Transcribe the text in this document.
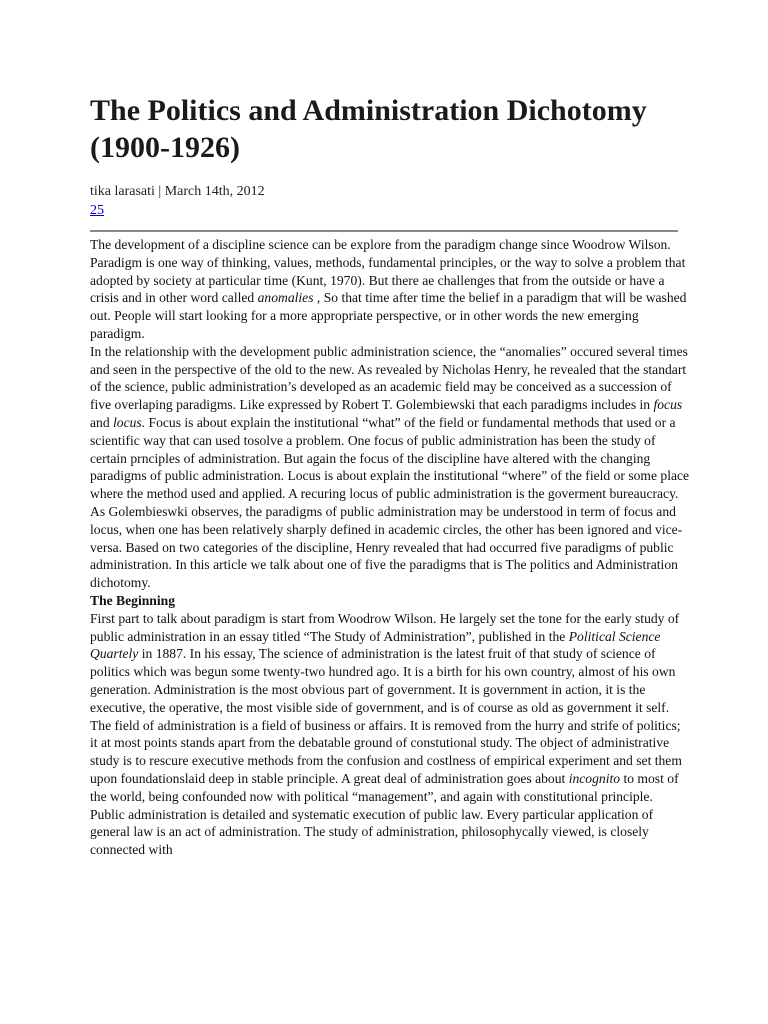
The Politics and Administration Dichotomy (1900-1926)
tika larasati | March 14th, 2012
25

The development of a discipline science can be explore from the paradigm change since Woodrow Wilson. Paradigm is one way of thinking, values, methods, fundamental principles, or the way to solve a problem that adopted by society at particular time (Kunt, 1970). But there ae challenges that from the outside or have a crisis and in other word called anomalies , So that time after time the belief in a paradigm that will be washed out. People will start looking for a more appropriate perspective, or in other words the new emerging paradigm.

In the relationship with the development public administration science, the “anomalies” occured several times and seen in the perspective of the old to the new. As revealed by Nicholas Henry, he revealed that the standart of the science, public administration’s developed as an academic field may be conceived as a succession of five overlaping paradigms. Like expressed by Robert T. Golembiewski that each paradigms includes in focus and locus. Focus is about explain the institutional “what” of the field or fundamental methods that used or a scientific way that can used tosolve a problem. One focus of public administration has been the study of certain prnciples of administration. But again the focus of the discipline have altered with the changing paradigms of public administration. Locus is about explain the institutional “where” of the field or some place where the method used and applied. A recuring locus of public administration is the goverment bureaucracy. As Golembieswki observes, the paradigms of public administration may be understood in term of focus and locus, when one has been relatively sharply defined in academic circles, the other has been ignored and vice-versa. Based on two categories of the discipline, Henry revealed that had occurred five paradigms of public administration. In this article we talk about one of five the paradigms that is The politics and Administration dichotomy.

The Beginning

First part to talk about paradigm is start from Woodrow Wilson. He largely set the tone for the early study of public administration in an essay titled “The Study of Administration”, published in the Political Science Quartely in 1887. In his essay, The science of administration is the latest fruit of that study of science of politics which was begun some twenty-two hundred ago. It is a birth for his own country, almost of his own generation. Administration is the most obvious part of government. It is government in action, it is the executive, the operative, the most visible side of government, and is of course as old as government it self.

The field of administration is a field of business or affairs. It is removed from the hurry and strife of politics; it at most points stands apart from the debatable ground of constutional study. The object of administrative study is to rescure executive methods from the confusion and costlness of empirical experiment and set them upon foundationslaid deep in stable principle. A great deal of administration goes about incognito to most of the world, being confounded now with political “management”, and again with constitutional principle. Public administration is detailed and systematic execution of public law. Every particular application of general law is an act of administration. The study of administration, philosophycally viewed, is closely connected with
